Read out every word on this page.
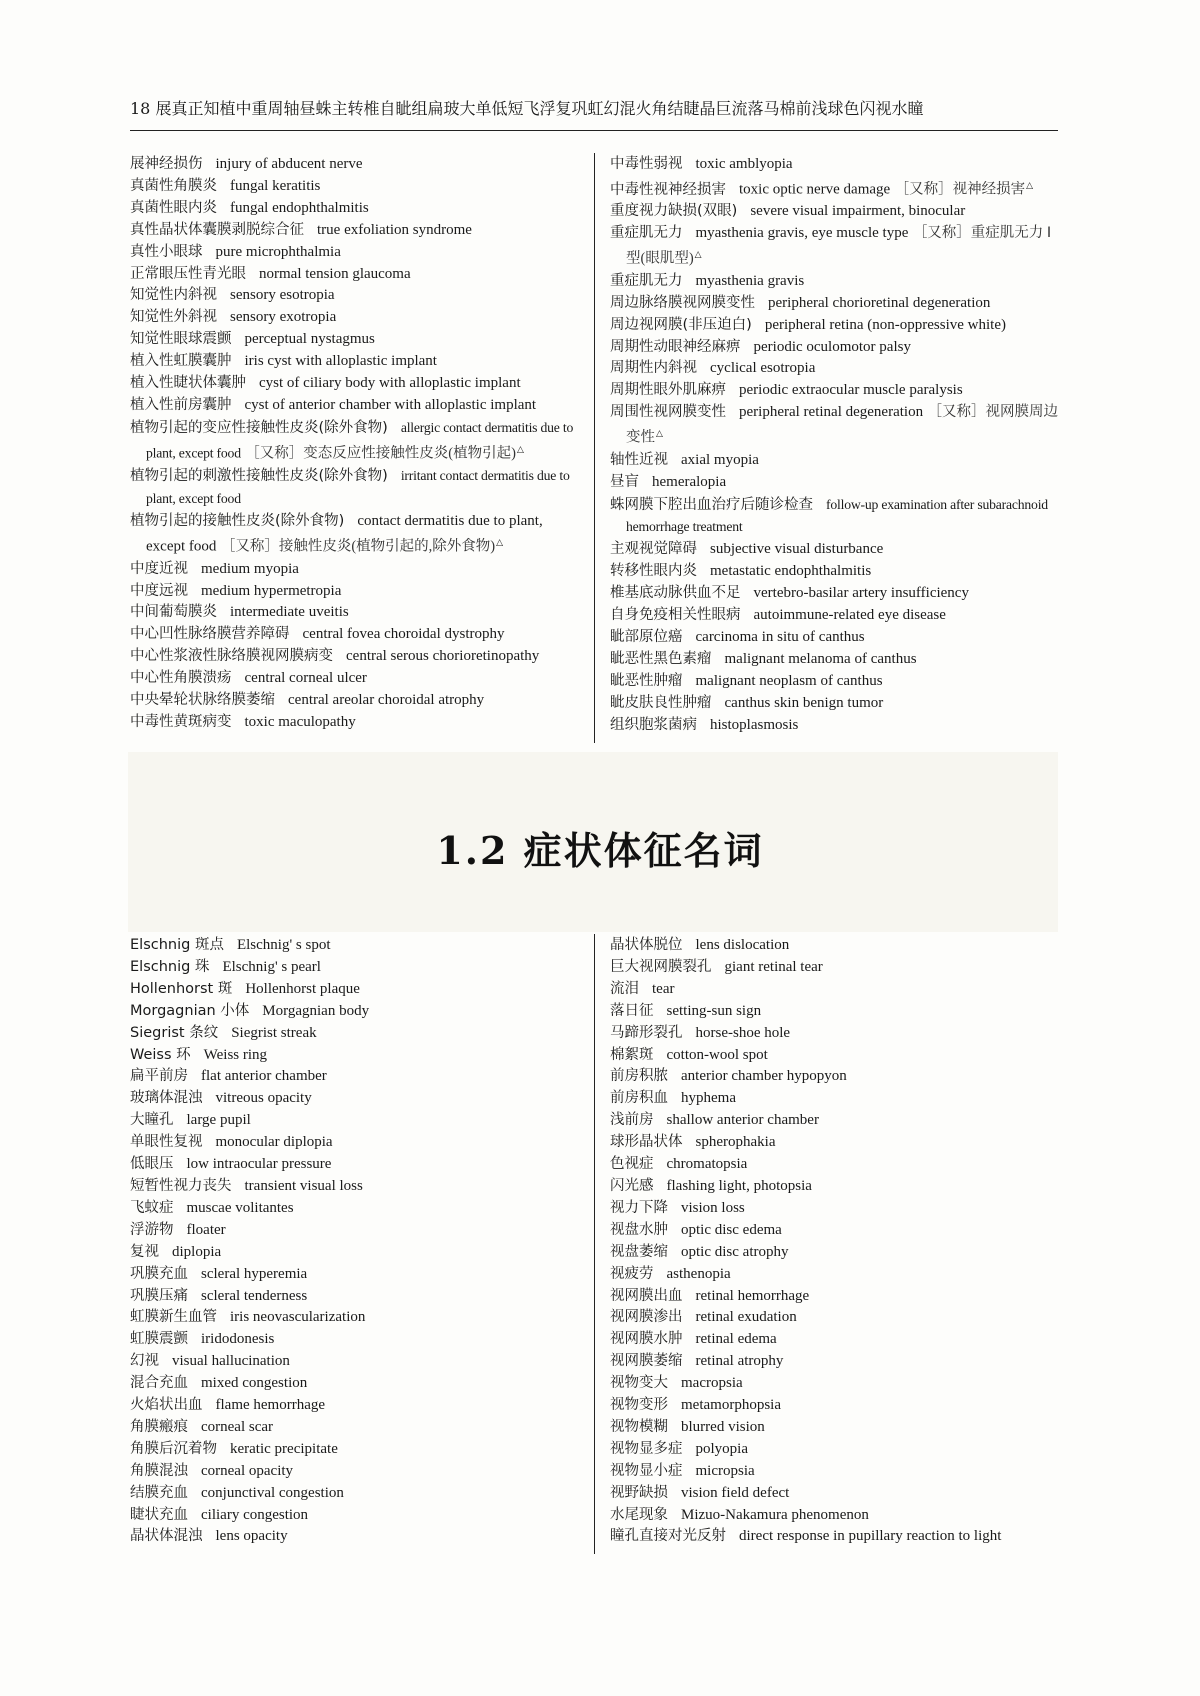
18 展真正知植中重周轴昼蛛主转椎自眦组扁玻大单低短飞浮复巩虹幻混火角结睫晶巨流落马棉前浅球色闪视水瞳
展神经损伤 injury of abducent nerve
真菌性角膜炎 fungal keratitis
真菌性眼内炎 fungal endophthalmitis
真性晶状体囊膜剥脱综合征 true exfoliation syndrome
真性小眼球 pure microphthalmia
正常眼压性青光眼 normal tension glaucoma
知觉性内斜视 sensory esotropia
知觉性外斜视 sensory exotropia
知觉性眼球震颤 perceptual nystagmus
植入性虹膜囊肿 iris cyst with alloplastic implant
植入性睫状体囊肿 cyst of ciliary body with alloplastic implant
植入性前房囊肿 cyst of anterior chamber with alloplastic implant
植物引起的变应性接触性皮炎(除外食物) allergic contact dermatitis due to plant, except food ［又称］变态反应性接触性皮炎(植物引起)△
植物引起的刺激性接触性皮炎(除外食物) irritant contact dermatitis due to plant, except food
植物引起的接触性皮炎(除外食物) contact dermatitis due to plant, except food ［又称］接触性皮炎(植物引起的,除外食物)△
中度近视 medium myopia
中度远视 medium hypermetropia
中间葡萄膜炎 intermediate uveitis
中心凹性脉络膜营养障碍 central fovea choroidal dystrophy
中心性浆液性脉络膜视网膜病变 central serous chorioretinopathy
中心性角膜溃疡 central corneal ulcer
中央晕轮状脉络膜萎缩 central areolar choroidal atrophy
中毒性黄斑病变 toxic maculopathy
中毒性弱视 toxic amblyopia
中毒性视神经损害 toxic optic nerve damage ［又称］视神经损害△
重度视力缺损(双眼) severe visual impairment, binocular
重症肌无力 myasthenia gravis, eye muscle type ［又称］重症肌无力 Ⅰ型(眼肌型)△
重症肌无力 myasthenia gravis
周边脉络膜视网膜变性 peripheral chorioretinal degeneration
周边视网膜(非压迫白) peripheral retina (non-oppressive white)
周期性动眼神经麻痹 periodic oculomotor palsy
周期性内斜视 cyclical esotropia
周期性眼外肌麻痹 periodic extraocular muscle paralysis
周围性视网膜变性 peripheral retinal degeneration ［又称］视网膜周边变性△
轴性近视 axial myopia
昼盲 hemeralopia
蛛网膜下腔出血治疗后随诊检查 follow-up examination after subarachnoid hemorrhage treatment
主观视觉障碍 subjective visual disturbance
转移性眼内炎 metastatic endophthalmitis
椎基底动脉供血不足 vertebro-basilar artery insufficiency
自身免疫相关性眼病 autoimmune-related eye disease
眦部原位癌 carcinoma in situ of canthus
眦恶性黑色素瘤 malignant melanoma of canthus
眦恶性肿瘤 malignant neoplasm of canthus
眦皮肤良性肿瘤 canthus skin benign tumor
组织胞浆菌病 histoplasmosis
1.2 症状体征名词
Elschnig 斑点 Elschnig' s spot
Elschnig 珠 Elschnig' s pearl
Hollenhorst 斑 Hollenhorst plaque
Morgagnian 小体 Morgagnian body
Siegrist 条纹 Siegrist streak
Weiss 环 Weiss ring
扁平前房 flat anterior chamber
玻璃体混浊 vitreous opacity
大瞳孔 large pupil
单眼性复视 monocular diplopia
低眼压 low intraocular pressure
短暂性视力丧失 transient visual loss
飞蚊症 muscae volitantes
浮游物 floater
复视 diplopia
巩膜充血 scleral hyperemia
巩膜压痛 scleral tenderness
虹膜新生血管 iris neovascularization
虹膜震颤 iridodonesis
幻视 visual hallucination
混合充血 mixed congestion
火焰状出血 flame hemorrhage
角膜瘢痕 corneal scar
角膜后沉着物 keratic precipitate
角膜混浊 corneal opacity
结膜充血 conjunctival congestion
睫状充血 ciliary congestion
晶状体混浊 lens opacity
晶状体脱位 lens dislocation
巨大视网膜裂孔 giant retinal tear
流泪 tear
落日征 setting-sun sign
马蹄形裂孔 horse-shoe hole
棉絮斑 cotton-wool spot
前房积脓 anterior chamber hypopyon
前房积血 hyphema
浅前房 shallow anterior chamber
球形晶状体 spherophakia
色视症 chromatopsia
闪光感 flashing light, photopsia
视力下降 vision loss
视盘水肿 optic disc edema
视盘萎缩 optic disc atrophy
视疲劳 asthenopia
视网膜出血 retinal hemorrhage
视网膜渗出 retinal exudation
视网膜水肿 retinal edema
视网膜萎缩 retinal atrophy
视物变大 macropsia
视物变形 metamorphopsia
视物模糊 blurred vision
视物显多症 polyopia
视物显小症 micropsia
视野缺损 vision field defect
水尾现象 Mizuo-Nakamura phenomenon
瞳孔直接对光反射 direct response in pupillary reaction to light
